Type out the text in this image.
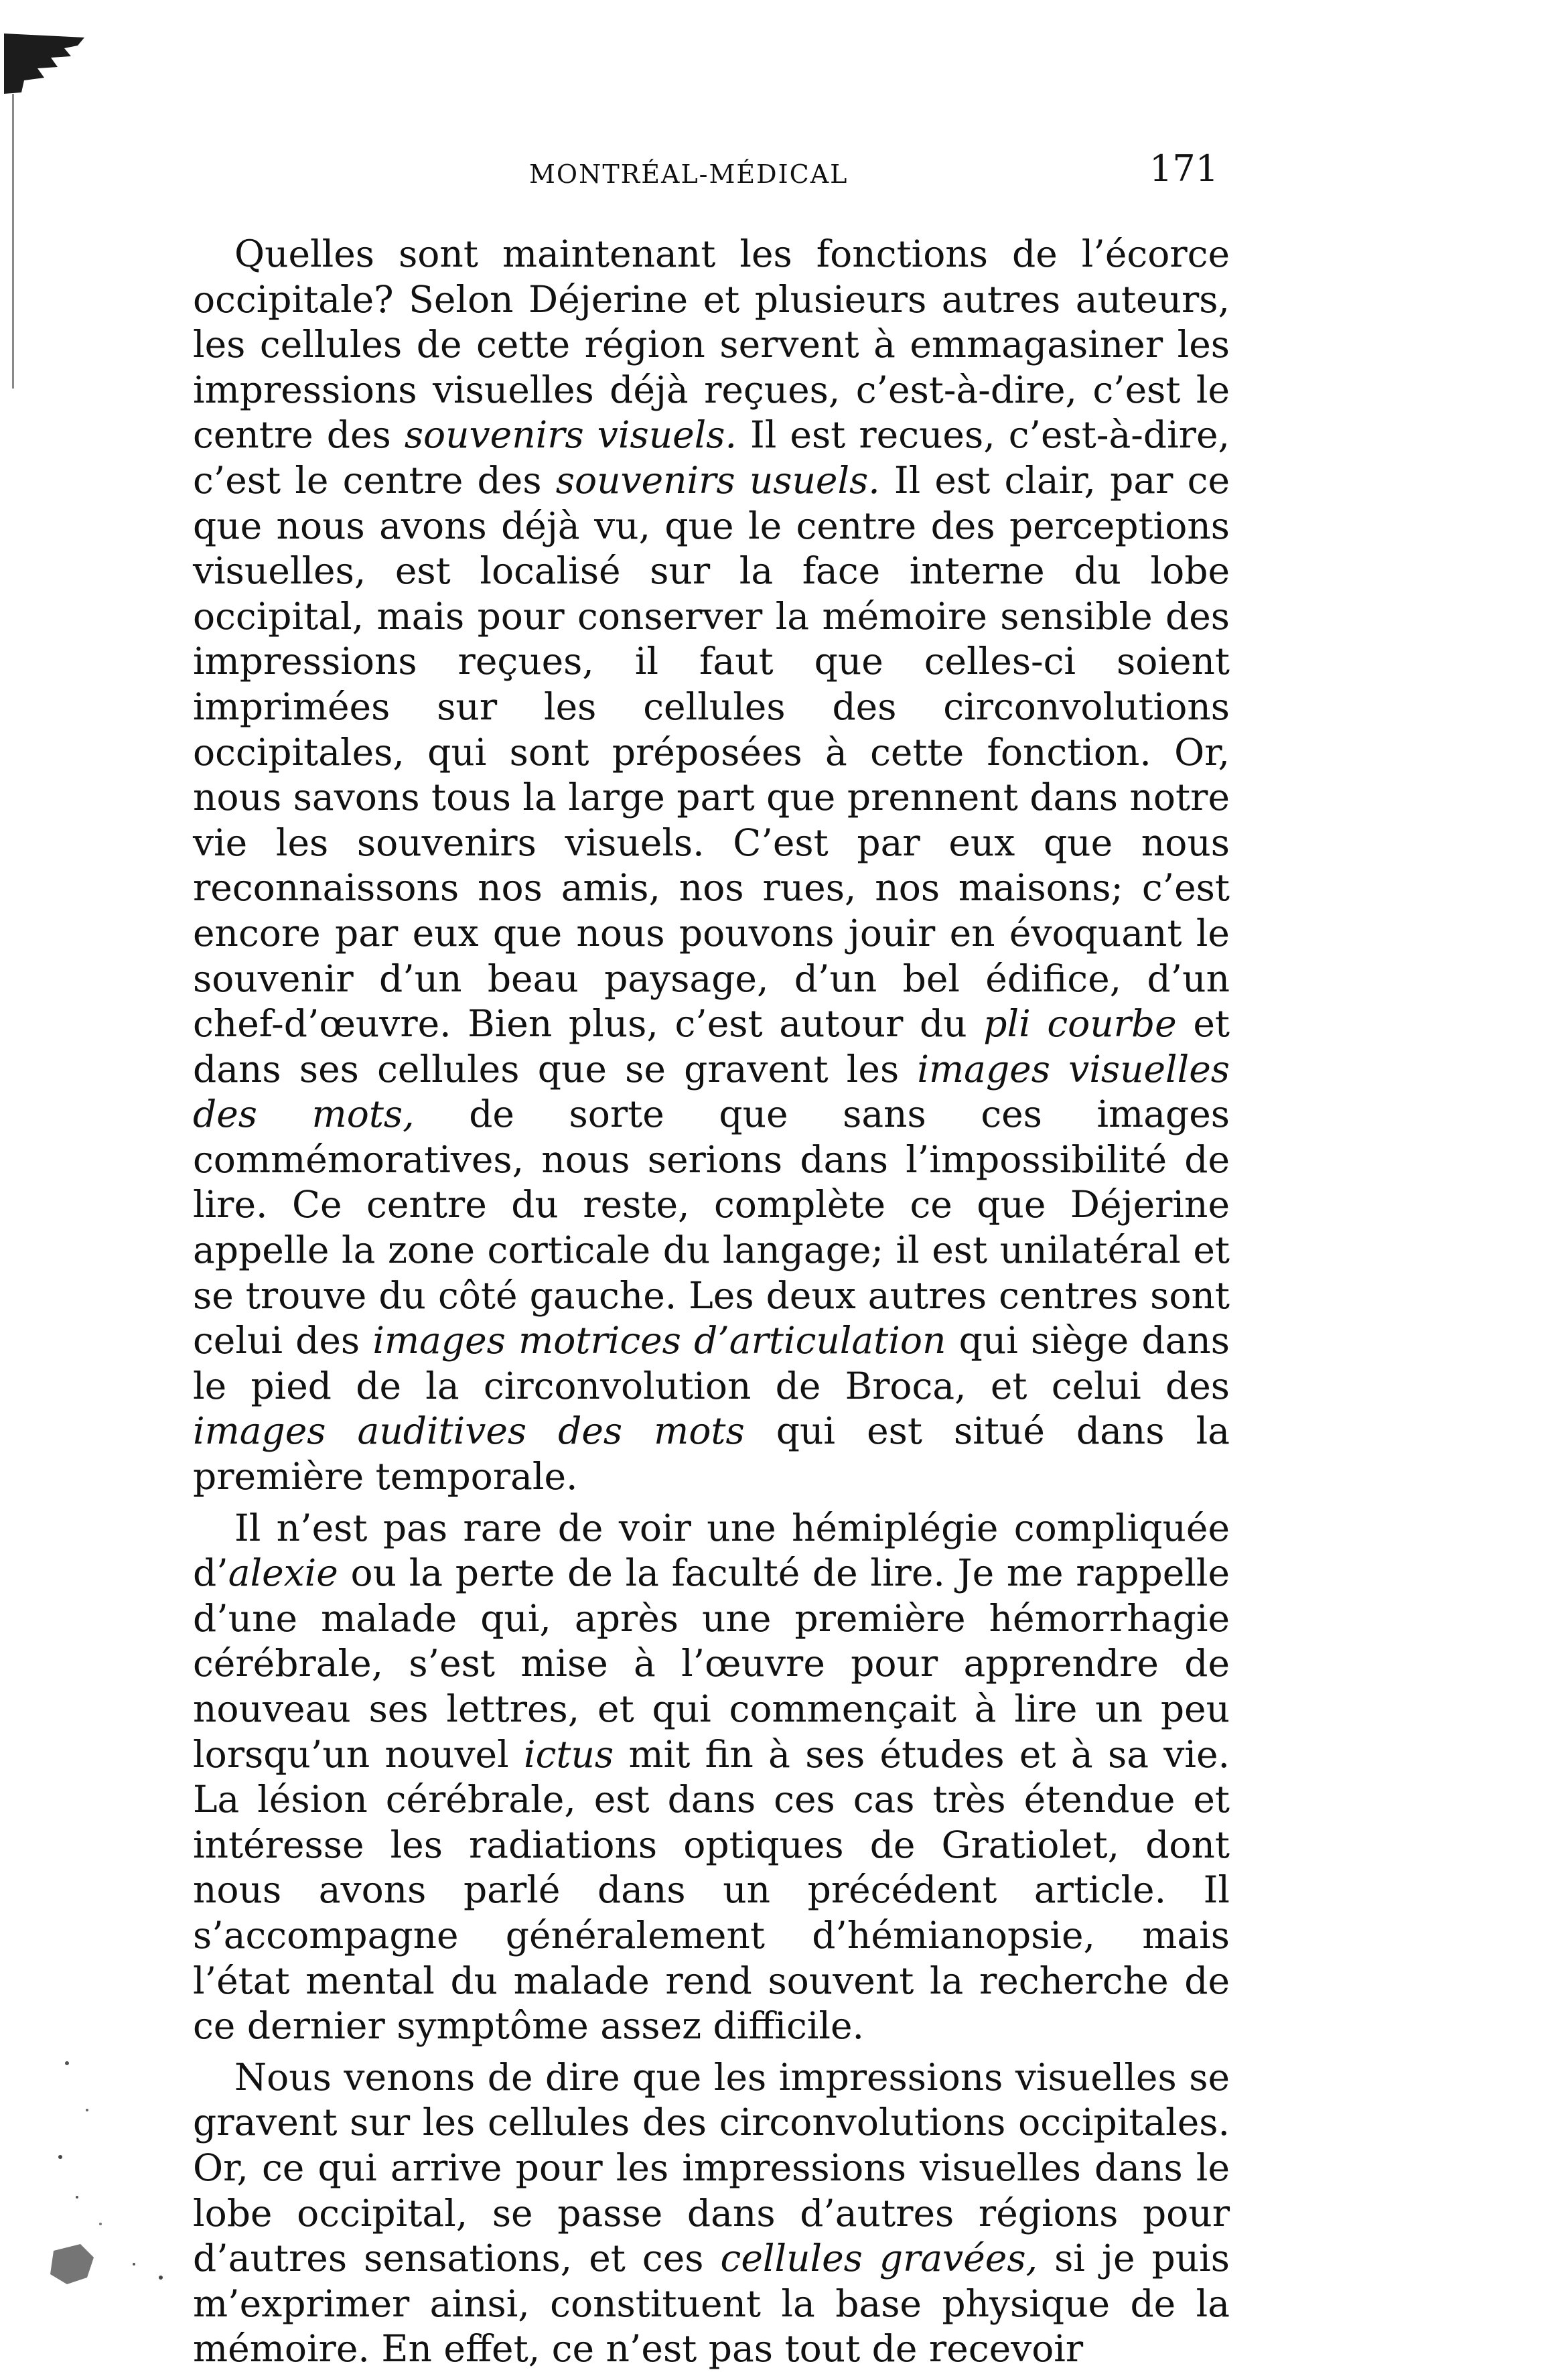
MONTRÉAL-MÉDICAL	171

Quelles sont maintenant les fonctions de l’écorce occipitale? Selon Déjerine et plusieurs autres auteurs, les cellules de cette région servent à emmagasiner les impressions visuelles déjà reçues, c’est-à-dire, c’est le centre des souvenirs visuels. Il est recues, c’est-à-dire, c’est le centre des souvenirs usuels. Il est clair, par ce que nous avons déjà vu, que le centre des perceptions visuelles, est localisé sur la face interne du lobe occipital, mais pour conserver la mémoire sensible des impressions reçues, il faut que celles-ci soient imprimées sur les cellules des circonvolutions occipitales, qui sont préposées à cette fonction. Or, nous savons tous la large part que prennent dans notre vie les souvenirs visuels. C’est par eux que nous reconnaissons nos amis, nos rues, nos maisons; c’est encore par eux que nous pouvons jouir en évoquant le souvenir d’un beau paysage, d’un bel édifice, d’un chef-d’œuvre. Bien plus, c’est autour du pli courbe et dans ses cellules que se gravent les images visuelles des mots, de sorte que sans ces images commémoratives, nous serions dans l’impossibilité de lire. Ce centre du reste, complète ce que Déjerine appelle la zone corticale du langage; il est unilatéral et se trouve du côté gauche. Les deux autres centres sont celui des images motrices d’articulation qui siège dans le pied de la circonvolution de Broca, et celui des images auditives des mots qui est situé dans la première temporale.

Il n’est pas rare de voir une hémiplégie compliquée d’alexie ou la perte de la faculté de lire. Je me rappelle d’une malade qui, après une première hémorrhagie cérébrale, s’est mise à l’œuvre pour apprendre de nouveau ses lettres, et qui commençait à lire un peu lorsqu’un nouvel ictus mit fin à ses études et à sa vie. La lésion cérébrale, est dans ces cas très étendue et intéresse les radiations optiques de Gratiolet, dont nous avons parlé dans un précédent article. Il s’accompagne généralement d’hémianopsie, mais l’état mental du malade rend souvent la recherche de ce dernier symptôme assez difficile.

Nous venons de dire que les impressions visuelles se gravent sur les cellules des circonvolutions occipitales. Or, ce qui arrive pour les impressions visuelles dans le lobe occipital, se passe dans d’autres régions pour d’autres sensations, et ces cellules gravées, si je puis m’exprimer ainsi, constituent la base physique de la mémoire. En effet, ce n’est pas tout de recevoir
